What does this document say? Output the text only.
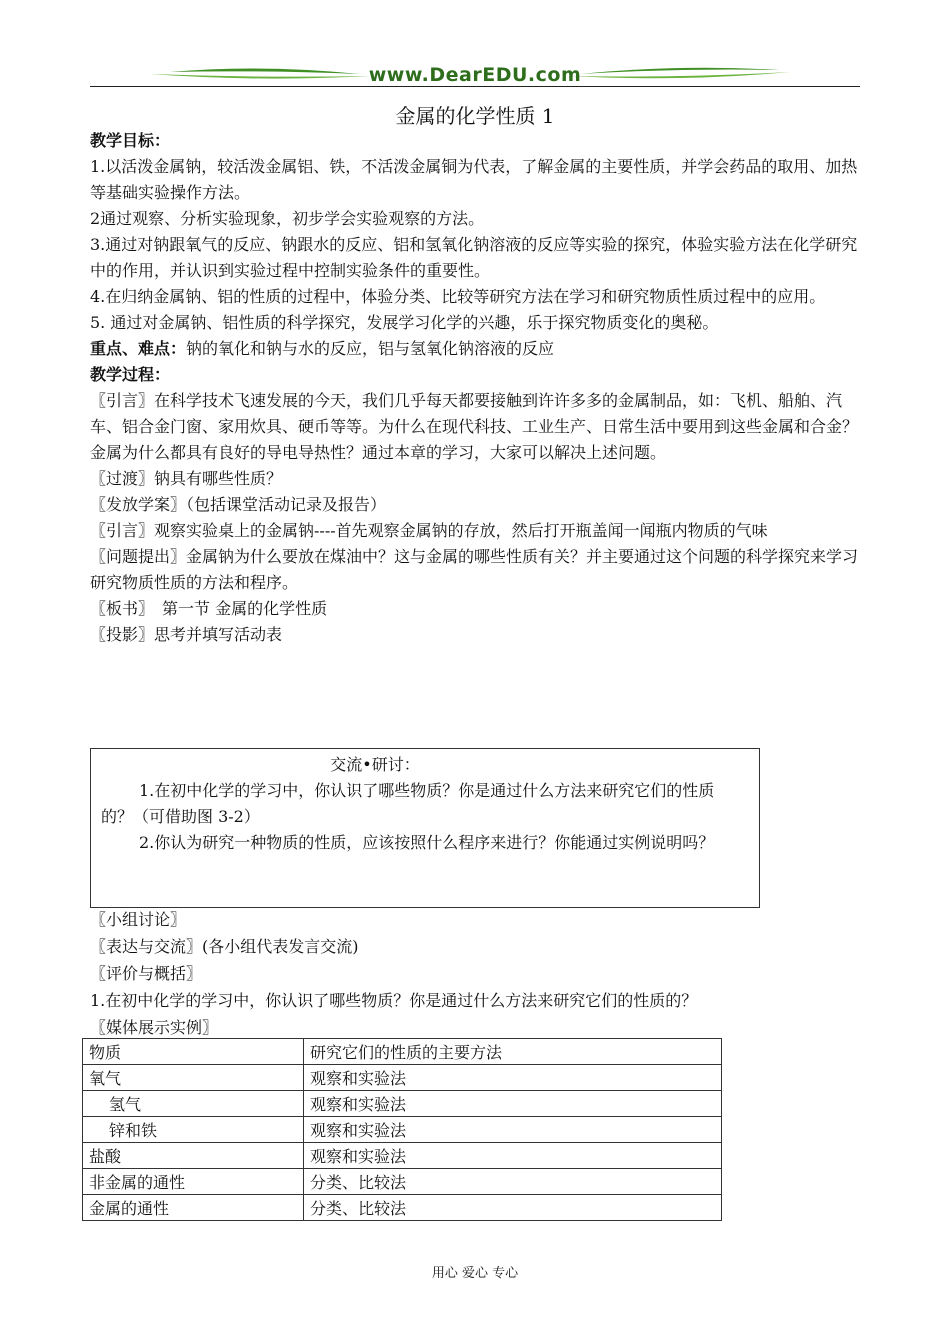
www.DearEDU.com
金属的化学性质 1

教学目标：

1.以活泼金属钠，较活泼金属铝、铁，不活泼金属铜为代表，了解金属的主要性质，并学会药品的取用、加热等基础实验操作方法。

2通过观察、分析实验现象，初步学会实验观察的方法。

3.通过对钠跟氧气的反应、钠跟水的反应、铝和氢氧化钠溶液的反应等实验的探究，体验实验方法在化学研究中的作用，并认识到实验过程中控制实验条件的重要性。

4.在归纳金属钠、铝的性质的过程中，体验分类、比较等研究方法在学习和研究物质性质过程中的应用。

5. 通过对金属钠、铝性质的科学探究，发展学习化学的兴趣，乐于探究物质变化的奥秘。

重点、难点：钠的氧化和钠与水的反应，铝与氢氧化钠溶液的反应

教学过程：

〖引言〗在科学技术飞速发展的今天，我们几乎每天都要接触到许许多多的金属制品，如：飞机、船舶、汽车、铝合金门窗、家用炊具、硬币等等。为什么在现代科技、工业生产、日常生活中要用到这些金属和合金？金属为什么都具有良好的导电导热性？通过本章的学习，大家可以解决上述问题。

〖过渡〗钠具有哪些性质？

〖发放学案〗（包括课堂活动记录及报告）

〖引言〗观察实验桌上的金属钠----首先观察金属钠的存放，然后打开瓶盖闻一闻瓶内物质的气味

〖问题提出〗金属钠为什么要放在煤油中？这与金属的哪些性质有关？并主要通过这个问题的科学探究来学习研究物质性质的方法和程序。

〖板书〗　第一节 金属的化学性质

〖投影〗思考并填写活动表

交流•研讨：

1.在初中化学的学习中，你认识了哪些物质？你是通过什么方法来研究它们的性质的？（可借助图 3-2）

2.你认为研究一种物质的性质，应该按照什么程序来进行？你能通过实例说明吗？

〖小组讨论〗

〖表达与交流〗(各小组代表发言交流)

〖评价与概括〗

1.在初中化学的学习中，你认识了哪些物质？你是通过什么方法来研究它们的性质的？

〖媒体展示实例〗

物质	研究它们的性质的主要方法
氧气	观察和实验法
氢气	观察和实验法
锌和铁	观察和实验法
盐酸	观察和实验法
非金属的通性	分类、比较法
金属的通性	分类、比较法
用心 爱心 专心
